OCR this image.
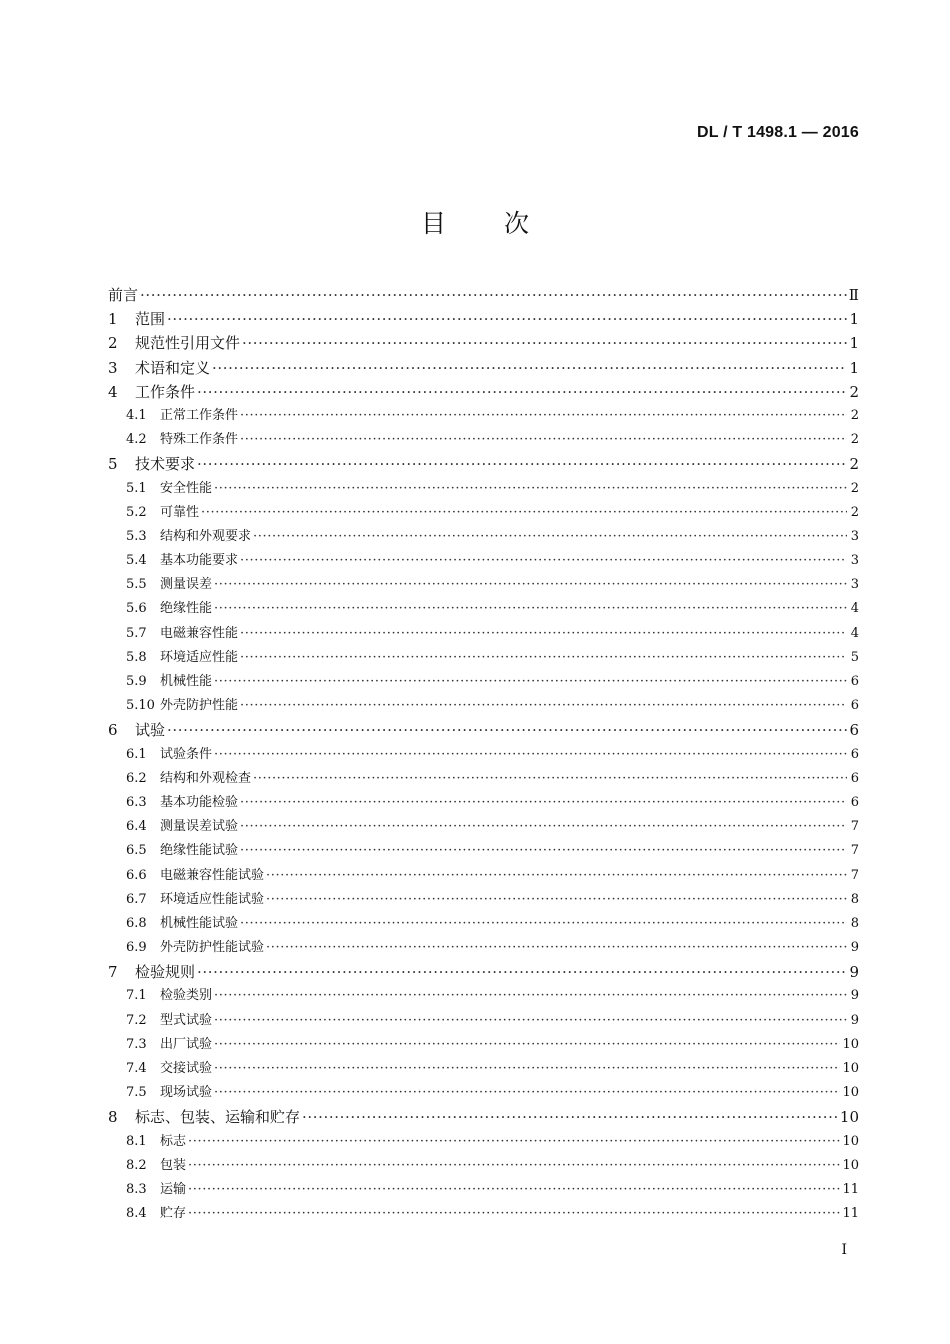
DL / T 1498.1 — 2016
目 次
前言 ·····	Ⅱ
1	范围 ·····	1
2	规范性引用文件 ·····	1
3	术语和定义 ·····	1
4	工作条件 ·····	2
4.1	正常工作条件 ·····	2
4.2	特殊工作条件 ·····	2
5	技术要求 ·····	2
5.1	安全性能 ·····	2
5.2	可靠性 ·····	2
5.3	结构和外观要求 ·····	3
5.4	基本功能要求 ·····	3
5.5	测量误差 ·····	3
5.6	绝缘性能 ·····	4
5.7	电磁兼容性能 ·····	4
5.8	环境适应性能 ·····	5
5.9	机械性能 ·····	6
5.10 外壳防护性能 ·····	6
6	试验 ·····	6
6.1	试验条件 ·····	6
6.2	结构和外观检查 ·····	6
6.3	基本功能检验 ·····	6
6.4	测量误差试验 ·····	7
6.5	绝缘性能试验 ·····	7
6.6	电磁兼容性能试验 ·····	7
6.7	环境适应性能试验 ·····	8
6.8	机械性能试验 ·····	8
6.9	外壳防护性能试验 ·····	9
7	检验规则 ·····	9
7.1	检验类别 ·····	9
7.2	型式试验 ·····	9
7.3	出厂试验 ·····	10
7.4	交接试验 ·····	10
7.5	现场试验 ·····	10
8	标志、包装、运输和贮存 ·····	10
8.1	标志 ·····	10
8.2	包装 ·····	10
8.3	运输 ·····	11
8.4	贮存 ·····	11
I
